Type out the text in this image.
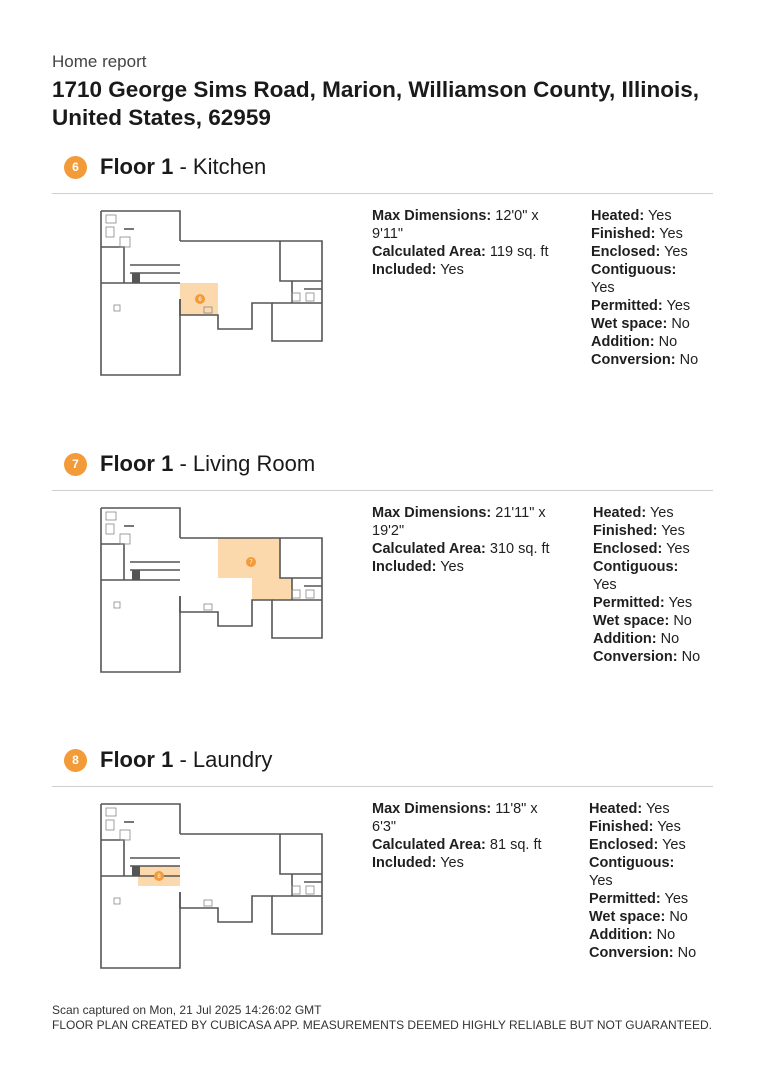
Home report
1710 George Sims Road, Marion, Williamson County, Illinois, United States, 62959
6 Floor 1 - Kitchen
6
Max Dimensions: 12'0" x 9'11"
Calculated Area: 119 sq. ft
Included: Yes
Heated: Yes
Finished: Yes
Enclosed: Yes
Contiguous: Yes
Permitted: Yes
Wet space: No
Addition: No
Conversion: No
7 Floor 1 - Living Room
7
Max Dimensions: 21'11" x 19'2"
Calculated Area: 310 sq. ft
Included: Yes
Heated: Yes
Finished: Yes
Enclosed: Yes
Contiguous: Yes
Permitted: Yes
Wet space: No
Addition: No
Conversion: No
8 Floor 1 - Laundry
8
Max Dimensions: 11'8" x 6'3"
Calculated Area: 81 sq. ft
Included: Yes
Heated: Yes
Finished: Yes
Enclosed: Yes
Contiguous: Yes
Permitted: Yes
Wet space: No
Addition: No
Conversion: No
Scan captured on Mon, 21 Jul 2025 14:26:02 GMT
FLOOR PLAN CREATED BY CUBICASA APP. MEASUREMENTS DEEMED HIGHLY RELIABLE BUT NOT GUARANTEED.
